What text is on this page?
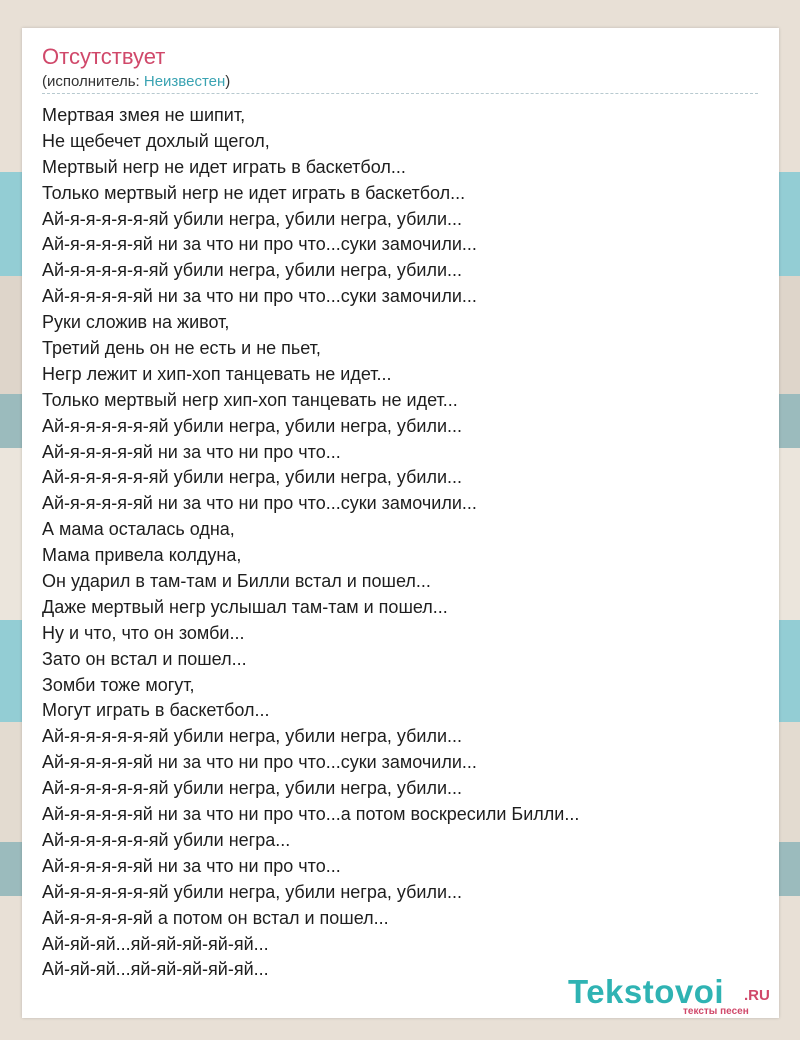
Отсутствует
(исполнитель: Неизвестен)
Мертвая змея не шипит,
Не щебечет дохлый щегол,
Мертвый негр не идет играть в баскетбол...
Только мертвый негр не идет играть в баскетбол...
Ай-я-я-я-я-я-яй убили негра, убили негра, убили...
Ай-я-я-я-я-яй ни за что ни про что...суки замочили...
Ай-я-я-я-я-я-яй убили негра, убили негра, убили...
Ай-я-я-я-я-яй ни за что ни про что...суки замочили...
Руки сложив на живот,
Третий день он не есть и не пьет,
Негр лежит и хип-хоп танцевать не идет...
Только мертвый негр хип-хоп танцевать не идет...
Ай-я-я-я-я-я-яй убили негра, убили негра, убили...
Ай-я-я-я-я-яй ни за что ни про что...
Ай-я-я-я-я-я-яй убили негра, убили негра, убили...
Ай-я-я-я-я-яй ни за что ни про что...суки замочили...
А мама осталась одна,
Мама привела колдуна,
Он ударил в там-там и Билли встал и пошел...
Даже мертвый негр услышал там-там и пошел...
Ну и что, что он зомби...
Зато он встал и пошел...
Зомби тоже могут,
Могут играть в баскетбол...
Ай-я-я-я-я-я-яй убили негра, убили негра, убили...
Ай-я-я-я-я-яй ни за что ни про что...суки замочили...
Ай-я-я-я-я-я-яй убили негра, убили негра, убили...
Ай-я-я-я-я-яй ни за что ни про что...а потом воскресили Билли...
Ай-я-я-я-я-я-яй убили негра...
Ай-я-я-я-я-яй ни за что ни про что...
Ай-я-я-я-я-я-яй убили негра, убили негра, убили...
Ай-я-я-я-я-яй а потом он встал и пошел...
Ай-яй-яй...яй-яй-яй-яй-яй...
Ай-яй-яй...яй-яй-яй-яй-яй...
Tekstovoi .RU
тексты песен
